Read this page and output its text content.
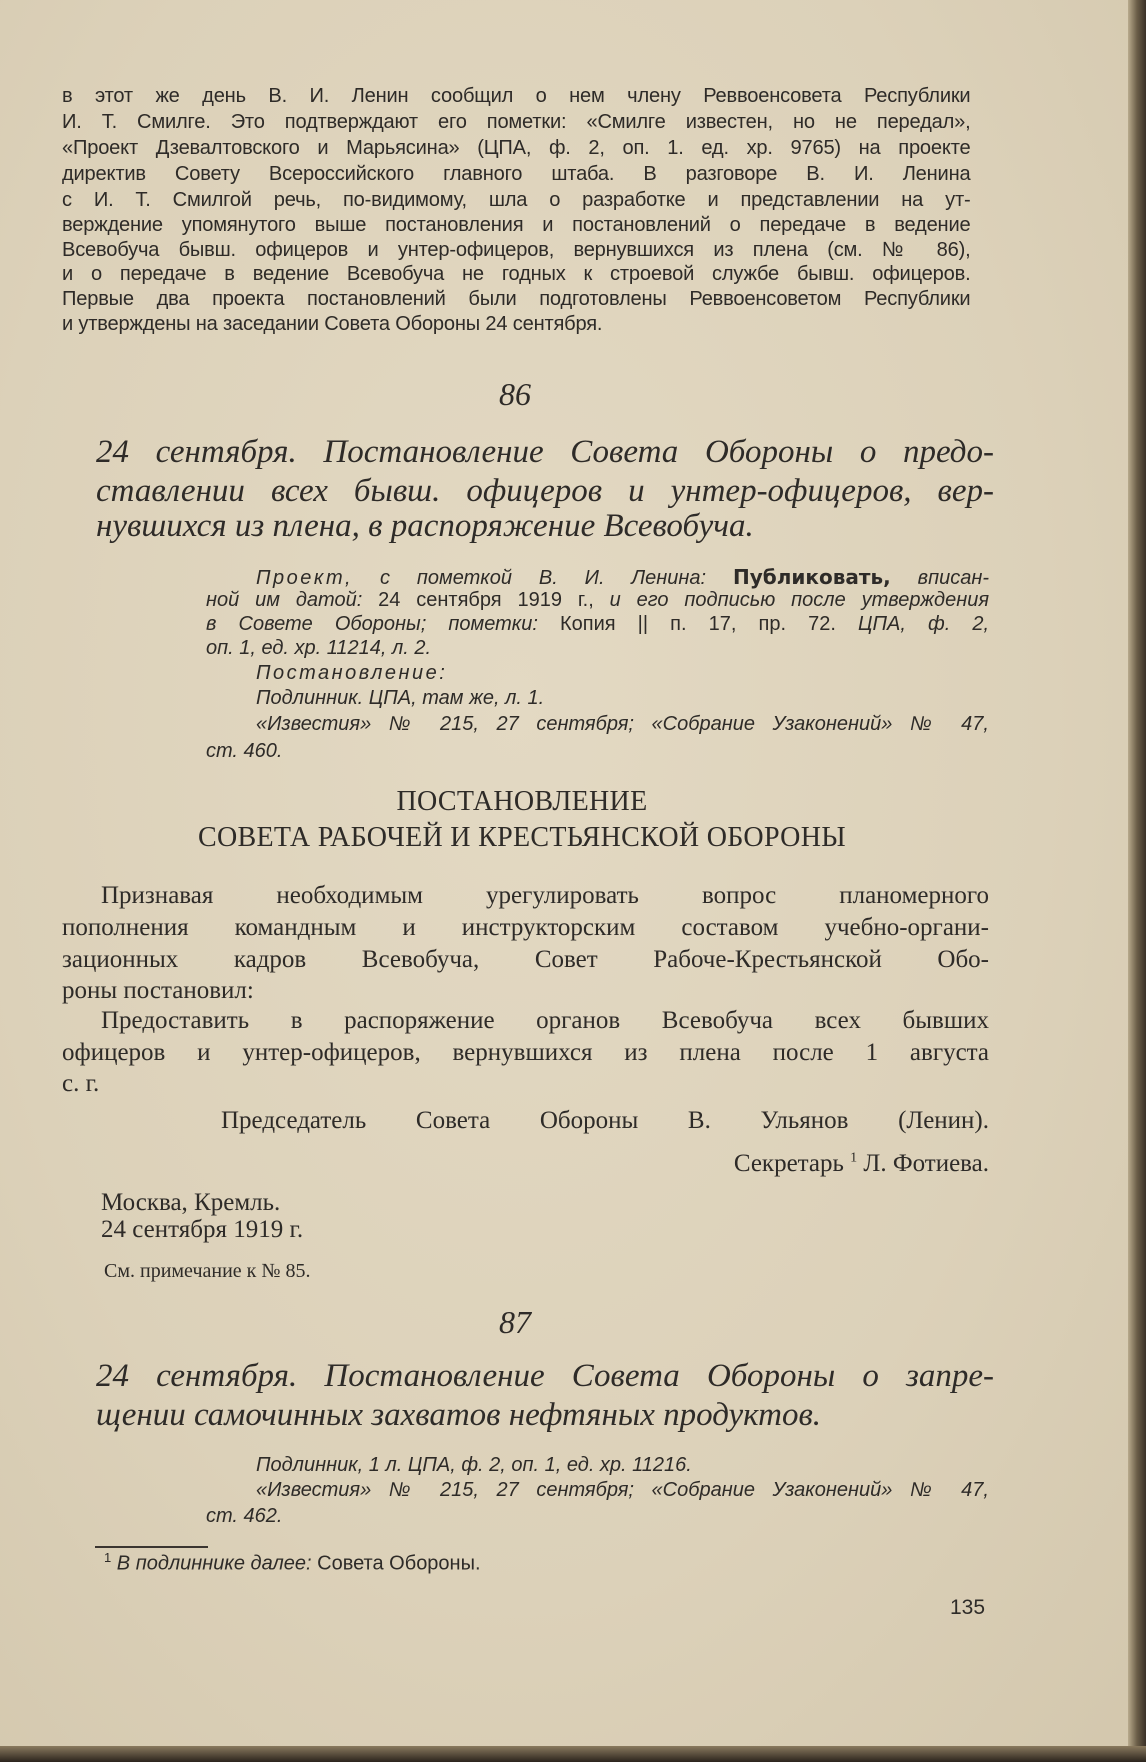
в этот же день В. И. Ленин сообщил о нем члену Реввоенсовета Республики
И. Т. Смилге. Это подтверждают его пометки: «Смилге известен, но не передал»,
«Проект Дзевалтовского и Марьясина» (ЦПА, ф. 2, оп. 1. ед. хр. 9765) на проекте
директив Совету Всероссийского главного штаба. В разговоре В. И. Ленина
с И. Т. Смилгой речь, по-видимому, шла о разработке и представлении на ут-
верждение упомянутого выше постановления и постановлений о передаче в ведение
Всевобуча бывш. офицеров и унтер-офицеров, вернувшихся из плена (см. № 86),
и о передаче в ведение Всевобуча не годных к строевой службе бывш. офицеров.
Первые два проекта постановлений были подготовлены Реввоенсоветом Республики
и утверждены на заседании Совета Обороны 24 сентября.
86
24 сентября. Постановление Совета Обороны о предо-
ставлении всех бывш. офицеров и унтер-офицеров, вер-
нувшихся из плена, в распоряжение Всевобуча.
Проект, с пометкой В. И. Ленина: Публиковать, вписан-
ной им датой: 24 сентября 1919 г., и его подписью после утверждения
в Совете Обороны; пометки: Копия || п. 17, пр. 72. ЦПА, ф. 2,
оп. 1, ед. хр. 11214, л. 2.
Постановление:
Подлинник. ЦПА, там же, л. 1.
«Известия» № 215, 27 сентября; «Собрание Узаконений» № 47,
ст. 460.
ПОСТАНОВЛЕНИЕ
СОВЕТА РАБОЧЕЙ И КРЕСТЬЯНСКОЙ ОБОРОНЫ
Признавая необходимым урегулировать вопрос планомерного
пополнения командным и инструкторским составом учебно-органи-
зационных кадров Всевобуча, Совет Рабоче-Крестьянской Обо-
роны постановил:
Предоставить в распоряжение органов Всевобуча всех бывших
офицеров и унтер-офицеров, вернувшихся из плена после 1 августа
с. г.
Председатель Совета Обороны В. Ульянов (Ленин).
Секретарь $^1$ Л. Фотиева.
Москва, Кремль.
24 сентября 1919 г.
См. примечание к № 85.
87
24 сентября. Постановление Совета Обороны о запре-
щении самочинных захватов нефтяных продуктов.
Подлинник, 1 л. ЦПА, ф. 2, оп. 1, ед. хр. 11216.
«Известия» № 215, 27 сентября; «Собрание Узаконений» № 47,
ст. 462.
$^1$ В подлиннике далее: Совета Обороны.
135
